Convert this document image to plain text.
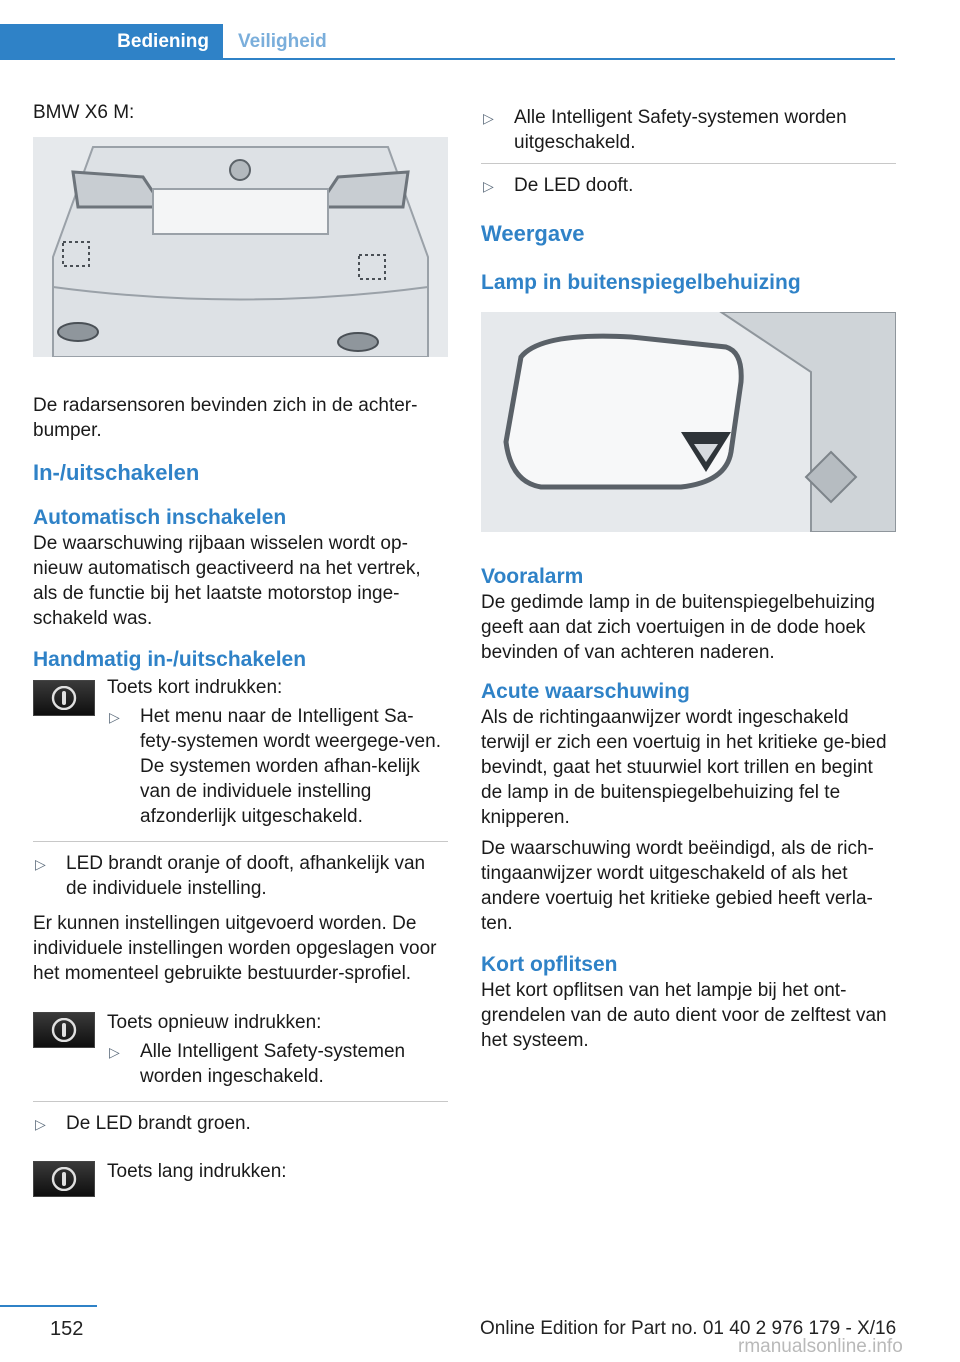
Bediening	Veiligheid

BMW X6 M:

De radarsensoren bevinden zich in de achter-bumper.

In-/uitschakelen

Automatisch inschakelen

De waarschuwing rijbaan wisselen wordt op-nieuw automatisch geactiveerd na het vertrek, als de functie bij het laatste motorstop inge-schakeld was.

Handmatig in-/uitschakelen

Toets kort indrukken:

▷ Het menu naar de Intelligent Sa-fety-systemen wordt weergege-ven. De systemen worden afhan-kelijk van de individuele instelling afzonderlijk uitgeschakeld.

▷ LED brandt oranje of dooft, afhankelijk van de individuele instelling.

Er kunnen instellingen uitgevoerd worden. De individuele instellingen worden opgeslagen voor het momenteel gebruikte bestuurder-sprofiel.

Toets opnieuw indrukken:

▷ Alle Intelligent Safety-systemen worden ingeschakeld.

▷ De LED brandt groen.

Toets lang indrukken:

▷ Alle Intelligent Safety-systemen worden uitgeschakeld.

▷ De LED dooft.

Weergave

Lamp in buitenspiegelbehuizing

Vooralarm

De gedimde lamp in de buitenspiegelbehuizing geeft aan dat zich voertuigen in de dode hoek bevinden of van achteren naderen.

Acute waarschuwing

Als de richtingaanwijzer wordt ingeschakeld terwijl er zich een voertuig in het kritieke ge-bied bevindt, gaat het stuurwiel kort trillen en begint de lamp in de buitenspiegelbehuizing fel te knipperen.

De waarschuwing wordt beëindigd, als de rich-tingaanwijzer wordt uitgeschakeld of als het andere voertuig het kritieke gebied heeft verla-ten.

Kort opflitsen

Het kort opflitsen van het lampje bij het ont-grendelen van de auto dient voor de zelftest van het systeem.

152	Online Edition for Part no. 01 40 2 976 179 - X/16
rmanualsonline.info
